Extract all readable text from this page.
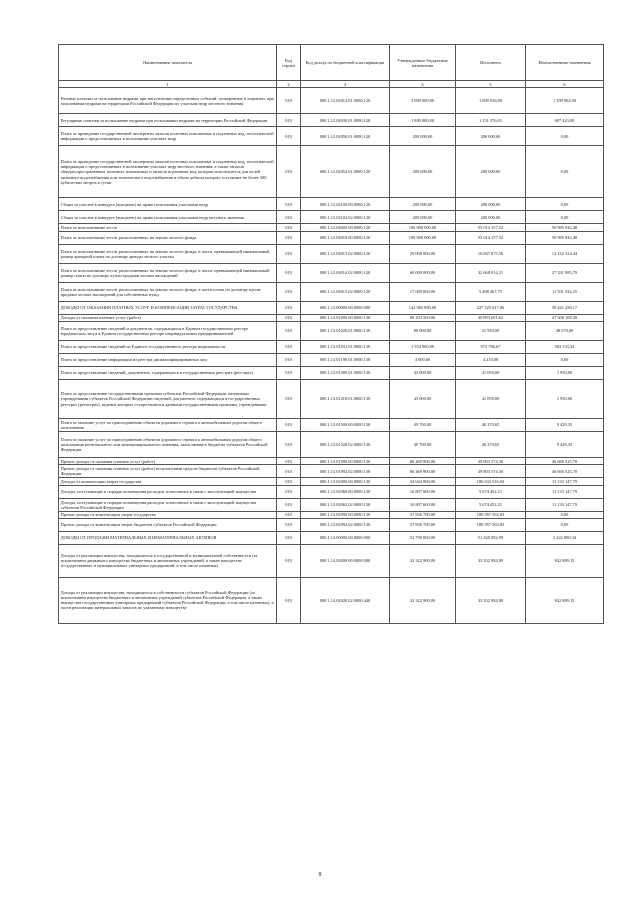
Наименование показателя	Код строки	Код дохода по бюджетной классификации	Утвержденные бюджетные назначения	Исполнено	Неисполненные назначения
1	2	3	4	5	6
Разовые платежи за пользование недрами при наступлении определенных событий, оговоренных в лицензии, при пользовании недрами на территории Российской Федерации по участкам недр местного значения	010	000.1.12.02012.01.0000.120	3 000 000,00	1 600 036,00	1 399 964,00
Регулярные платежи за пользование недрами при пользовании недрами на территории Российской Федерации	010	000.1.12.02030.01.0000.120	1 849 000,00	1 151 576,01	697 423,00
Плата за проведение государственной экспертизы запасов полезных ископаемых и подземных вод, геологической информации о предоставляемых в пользование участках недр	010	000.1.12.02050.01.0000.120	200 000,00	200 000,00	0,00
Плата за проведение государственной экспертизы запасов полезных ископаемых и подземных вод, геологической информации о предоставляемых в пользование участках недр местного значения, а также запасов общераспространенных полезных ископаемых и запасов подземных вод, которые используются для целей питьевого водоснабжения или технического водоснабжения и объем добычи которых составляет не более 500 кубических метров в сутки	010	000.1.12.02052.01.0000.120	200 000,00	200 000,00	0,00
Сборы за участие в конкурсе (аукционе) на право пользования участками недр	010	000.1.12.02100.00.0000.120	200 000,00	200 000,00	0,00
Сборы за участие в конкурсе (аукционе) на право пользования участками недр местного значения	010	000.1.12.02102.02.0000.120	200 000,00	200 000,00	0,00
Плата за использование лесов	010	000.1.12.04000.00.0000.120	106 000 000,00	55 014 157,52	50 985 842,48
Плата за использование лесов, расположенных на землях лесного фонда	010	000.1.12.04010.00.0000.120	106 000 000,00	55 014 157,52	50 985 842,48
Плата за использование лесов, расположенных на землях лесного фонда, в части, превышающей минимальный размер арендной платы по договору аренды лесного участка	010	000.1.12.04013.02.0000.120	29 000 000,00	16 847 675,56	12 152 324,44
Плата за использование лесов, расположенных на землях лесного фонда, в части, превышающей минимальный размер платы по договору купли-продажи лесных насаждений	010	000.1.12.04014.02.0000.120	60 000 000,00	32 668 014,21	27 331 985,79
Плата за использование лесов, расположенных на землях лесного фонда, в части платы по договору купли-продажи лесных насаждений для собственных нужд	010	000.1.12.04015.02.0000.120	17 000 000,00	5 498 467,75	11 501 532,25
ДОХОДЫ ОТ ОКАЗАНИЯ ПЛАТНЫХ УСЛУГ И КОМПЕНСАЦИИ ЗАТРАТ ГОСУДАРСТВА	010	000.1.13.00000.00.0000.000	142 985 890,00	227 525 617,06	58 441 256,17
Доходы от оказания платных услуг (работ)	010	000.1.13.01000.00.0000.130	88 204 500,00	40 893 601,62	47 308 108,38
Плата за предоставление сведений и документов, содержащихся в Едином государственном реестре юридических лиц и в Едином государственном реестре индивидуальных предпринимателей	010	000.1.13.01020.01.0000.130	80 000,00	31 930,00	48 070,00
Плата за предоставление сведений из Единого государственного реестра недвижимости	010	000.1.13.01031.01.0000.130	1 554 900,00	972 766,67	582 133,33
Плата за предоставление информации из реестра дисквалифицированных лиц	010	000.1.13.01190.01.0000.130	4 000,00	4 210,00	0,00
Плата за предоставление сведений, документов, содержащихся в государственных реестрах (реестрах)	010	000.1.13.01400.01.0000.130	43 000,00	41 050,00	1 950,00
Плата за предоставление государственными органами субъектов Российской Федерации, казенными учреждениями субъектов Российской Федерации сведений, документов, содержащихся в государственных реестрах (регистрах), ведение которых осуществляется данными государственными органами, учреждениями	010	000.1.13.01410.01.0000.130	43 000,00	41 050,00	1 950,00
Плата за оказание услуг по присоединению объектов дорожного сервиса к автомобильным дорогам общего пользования	010	000.1.13.01500.00.0000.130	49 700,00	40 270,65	9 429,35
Плата за оказание услуг по присоединению объектов дорожного сервиса к автомобильным дорогам общего пользования регионального или межмуниципального значения, зачисляемая в бюджеты субъектов Российской Федерации	010	000.1.13.01520.02.0000.130	49 700,00	40 270,65	9 429,35
Прочие доходы от оказания платных услуг (работ)	010	000.1.13.01990.00.0000.130	86 469 900,00	39 803 374,30	46 666 525,70
Прочие доходы от оказания платных услуг (работ) получателями средств бюджетов субъектов Российской Федерации	010	000.1.13.01992.02.0000.130	86 469 900,00	39 803 374,30	46 666 525,70
Доходы от компенсации затрат государства	010	000.1.13.02000.00.0000.130	54 644 800,00	186 632 016,04	11 133 147,79
Доходы, поступающие в порядке возмещения расходов, понесенных в связи с эксплуатацией имущества	010	000.1.13.02060.00.0000.130	16 807 600,00	5 674 452,21	11 133 147,79
Доходы, поступающие в порядке возмещения расходов, понесенных в связи с эксплуатацией имущества субъектов Российской Федерации	010	000.1.13.02062.02.0000.130	16 807 600,00	5 674 452,21	11 133 147,79
Прочие доходы от компенсации затрат государства	010	000.1.13.02990.00.0000.130	37 836 700,00	180 957 563,83	0,00
Прочие доходы от компенсации затрат бюджетов субъектов Российской Федерации	010	000.1.13.02992.02.0000.130	37 836 700,00	180 957 563,83	0,00
ДОХОДЫ ОТ ПРОДАЖИ МАТЕРИАЛЬНЫХ И НЕМАТЕРИАЛЬНЫХ АКТИВОВ	010	000.1.14.00000.00.0000.000	52 790 000,00	51 420 082,99	3 222 890,34
Доходы от реализации имущества, находящегося в государственной и муниципальной собственности (за исключением движимого имущества бюджетных и автономных учреждений, а также имущества государственных и муниципальных унитарных предприятий, в том числе казенных)	010	000.1.14.02000.00.0000.000	32 322 900,00	33 332 984,89	842 889,15
Доходы от реализации имущества, находящегося в собственности субъектов Российской Федерации (за исключением имущества бюджетных и автономных учреждений субъектов Российской Федерации, а также имущества государственных унитарных предприятий субъектов Российской Федерации, в том числе казенных), в части реализации материальных запасов по указанному имуществу	010	000.1.14.02020.02.0000.440	32 322 900,00	33 332 984,88	842 889,15
8
